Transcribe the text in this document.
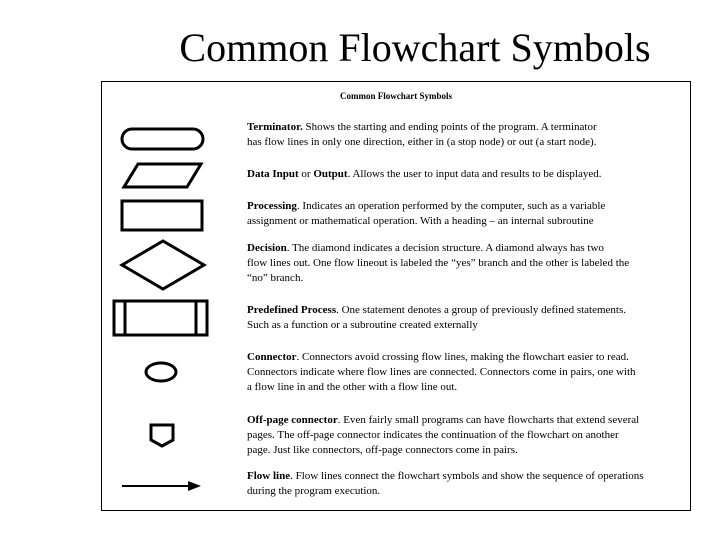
Common Flowchart Symbols
Common Flowchart Symbols
Terminator. Shows the starting and ending points of the program. A terminator
has flow lines in only one direction, either in (a stop node) or out (a start node).
Data Input or Output. Allows the user to input data and results to be displayed.
Processing. Indicates an operation performed by the computer, such as a variable
assignment or mathematical operation. With a heading – an internal subroutine
Decision. The diamond indicates a decision structure. A diamond always has two
flow lines out. One flow lineout is labeled the “yes” branch and the other is labeled the
“no” branch.
Predefined Process. One statement denotes a group of previously defined statements.
Such as a function or a subroutine created externally
Connector. Connectors avoid crossing flow lines, making the flowchart easier to read.
Connectors indicate where flow lines are connected. Connectors come in pairs, one with
a flow line in and the other with a flow line out.
Off-page connector. Even fairly small programs can have flowcharts that extend several
pages. The off-page connector indicates the continuation of the flowchart on another
page. Just like connectors, off-page connectors come in pairs.
Flow line. Flow lines connect the flowchart symbols and show the sequence of operations
during the program execution.
